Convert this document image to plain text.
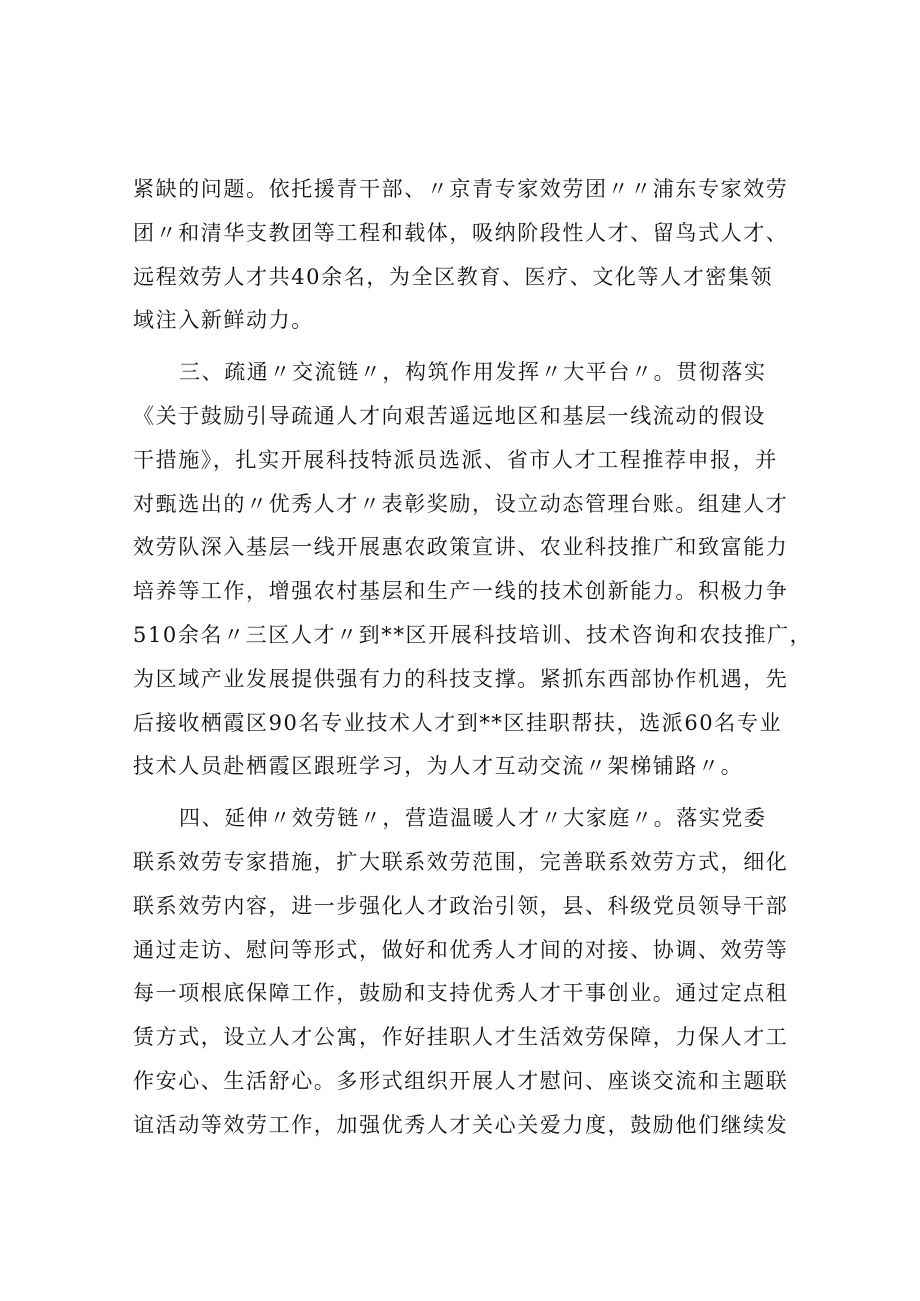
紧缺的问题。依托援青干部、〃京青专家效劳团〃〃浦东专家效劳
团〃和清华支教团等工程和载体，吸纳阶段性人才、留鸟式人才、
远程效劳人才共40余名，为全区教育、医疗、文化等人才密集领
域注入新鲜动力。
三、疏通〃交流链〃，构筑作用发挥〃大平台〃。贯彻落实
《关于鼓励引导疏通人才向艰苦遥远地区和基层一线流动的假设
干措施》，扎实开展科技特派员选派、省市人才工程推荐申报，并
对甄选出的〃优秀人才〃表彰奖励，设立动态管理台账。组建人才
效劳队深入基层一线开展惠农政策宣讲、农业科技推广和致富能力
培养等工作，增强农村基层和生产一线的技术创新能力。积极力争
510余名〃三区人才〃到**区开展科技培训、技术咨询和农技推广，
为区域产业发展提供强有力的科技支撑。紧抓东西部协作机遇，先
后接收栖霞区90名专业技术人才到**区挂职帮扶，选派60名专业
技术人员赴栖霞区跟班学习，为人才互动交流〃架梯铺路〃。
四、延伸〃效劳链〃，营造温暖人才〃大家庭〃。落实党委
联系效劳专家措施，扩大联系效劳范围，完善联系效劳方式，细化
联系效劳内容，进一步强化人才政治引领，县、科级党员领导干部
通过走访、慰问等形式，做好和优秀人才间的对接、协调、效劳等
每一项根底保障工作，鼓励和支持优秀人才干事创业。通过定点租
赁方式，设立人才公寓，作好挂职人才生活效劳保障，力保人才工
作安心、生活舒心。多形式组织开展人才慰问、座谈交流和主题联
谊活动等效劳工作，加强优秀人才关心关爱力度，鼓励他们继续发
